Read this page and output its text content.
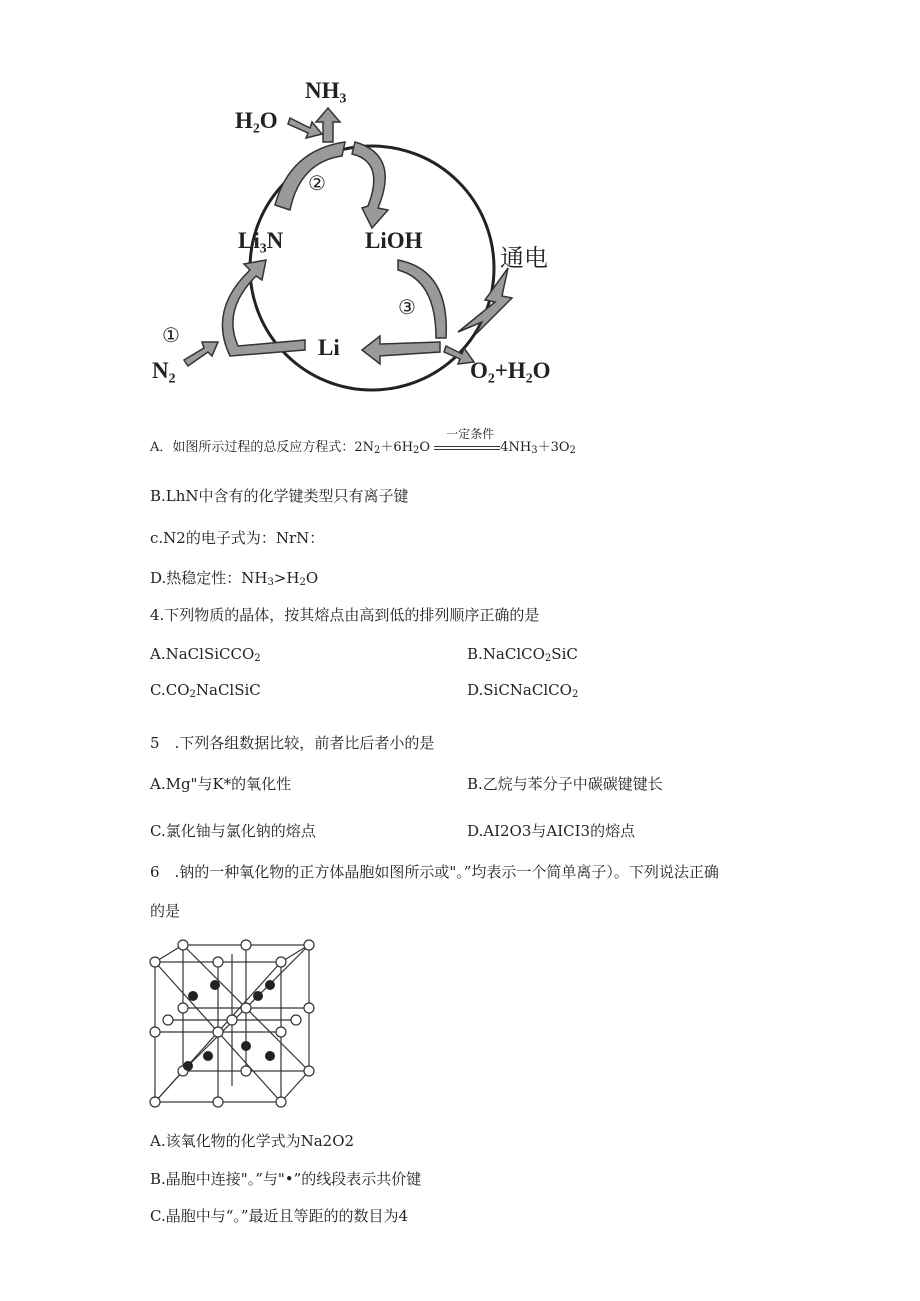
NH₃
H₂O
Li₃N	LiOH
Li
N₂	O₂+H₂O
通电
②
③
①
A．如图所示过程的总反应方程式：$2N_2+6H_2O$
一定条件
$4NH_3+3O_2$
B.LhN中含有的化学键类型只有离子键
c.N2的电子式为：NrN：
D.热稳定性：$NH_3>H_2O$
4.下列物质的晶体，按其熔点由高到低的排列顺序正确的是
A.NaClSiCCO$_2$	B.NaClCO$_2$SiC
$C.CO_2NaClSiC$	D.SiCNaClCO$_2$
5　.下列各组数据比较，前者比后者小的是
A.Mg"与K*的氧化性	B.乙烷与苯分子中碳碳键键长
C.氯化铀与氯化钠的熔点	D.AI2O3与AICI3的熔点
6　.钠的一种氧化物的正方体晶胞如图所示或"。”均表示一个简单离子）。下列说法正确
的是
A.该氧化物的化学式为Na2O2
B.晶胞中连接"。”与"•”的线段表示共价键
C.晶胞中与“。”最近且等距的的数目为4
